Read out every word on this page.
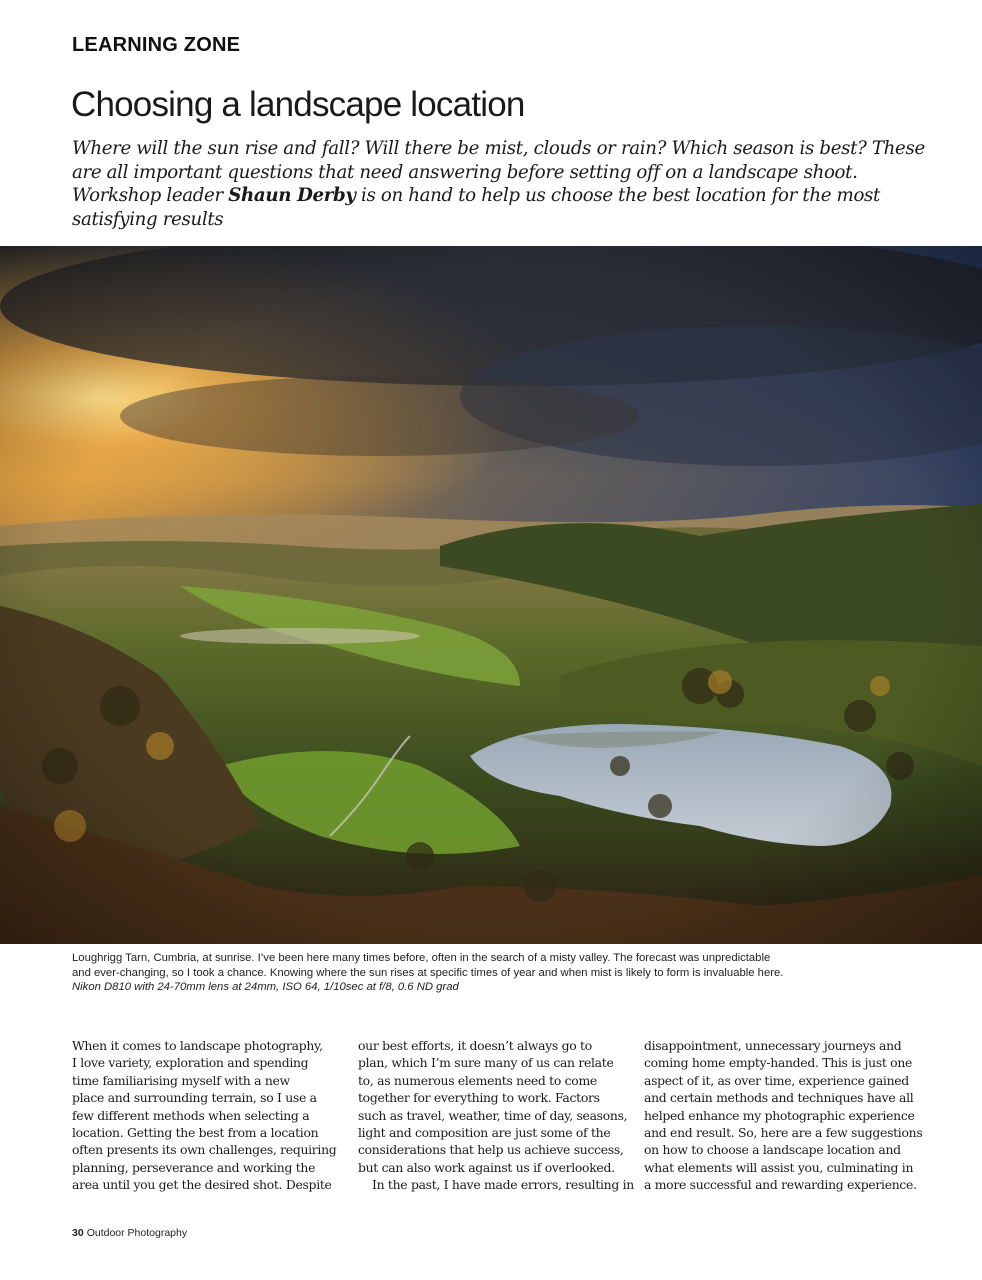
LEARNING ZONE
Choosing a landscape location

Where will the sun rise and fall? Will there be mist, clouds or rain? Which season is best? These are all important questions that need answering before setting off on a landscape shoot. Workshop leader Shaun Derby is on hand to help us choose the best location for the most satisfying results

Loughrigg Tarn, Cumbria, at sunrise. I’ve been here many times before, often in the search of a misty valley. The forecast was unpredictable
and ever-changing, so I took a chance. Knowing where the sun rises at specific times of year and when mist is likely to form is invaluable here.
Nikon D810 with 24-70mm lens at 24mm, ISO 64, 1/10sec at f/8, 0.6 ND grad
When it comes to landscape photography,
I love variety, exploration and spending
time familiarising myself with a new
place and surrounding terrain, so I use a
few different methods when selecting a
location. Getting the best from a location
often presents its own challenges, requiring
planning, perseverance and working the
area until you get the desired shot. Despite
our best efforts, it doesn’t always go to
plan, which I’m sure many of us can relate
to, as numerous elements need to come
together for everything to work. Factors
such as travel, weather, time of day, seasons,
light and composition are just some of the
considerations that help us achieve success,
but can also work against us if overlooked.
In the past, I have made errors, resulting in
disappointment, unnecessary journeys and
coming home empty-handed. This is just one
aspect of it, as over time, experience gained
and certain methods and techniques have all
helped enhance my photographic experience
and end result. So, here are a few suggestions
on how to choose a landscape location and
what elements will assist you, culminating in
a more successful and rewarding experience.
30 Outdoor Photography
